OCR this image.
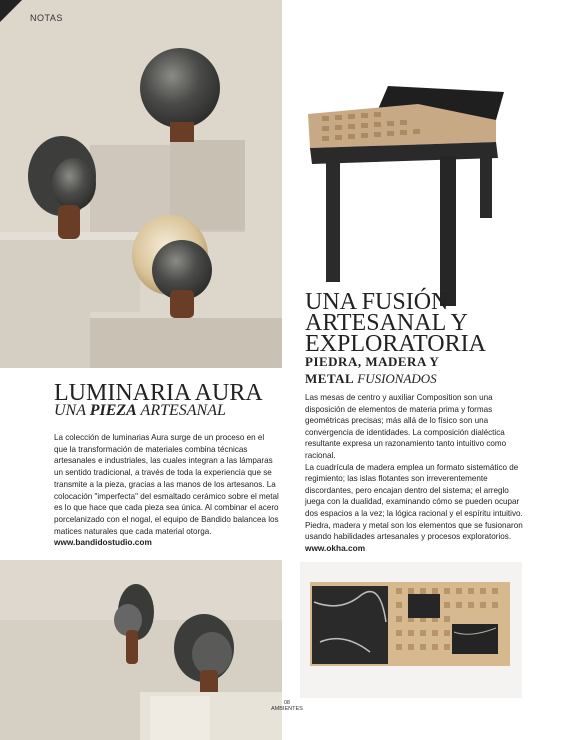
NOTAS
UNA FUSIÓN
ARTESANAL Y
EXPLORATORIA
PIEDRA, MADERA Y
METAL FUSIONADOS

Las mesas de centro y auxiliar Composition son una disposición de elementos de materia prima y formas geométricas precisas; más allá de lo físico son una convergencia de identidades. La composición dialéctica resultante expresa un razonamiento tanto intuitivo como racional.

La cuadrícula de madera emplea un formato sistemático de regimiento; las islas flotantes son irreverentemente discordantes, pero encajan dentro del sistema; el arreglo juega con la dualidad, examinando cómo se pueden ocupar dos espacios a la vez; la lógica racional y el espíritu intuitivo. Piedra, madera y metal son los elementos que se fusionaron usando habilidades artesanales y procesos exploratorios.

www.okha.com

LUMINARIA AURA
UNA PIEZA ARTESANAL

La colección de luminarias Aura surge de un proceso en el que la transformación de materiales combina técnicas artesanales e industriales, las cuales integran a las lámparas un sentido tradicional, a través de toda la experiencia que se transmite a la pieza, gracias a las manos de los artesanos. La colocación "imperfecta" del esmaltado cerámico sobre el metal es lo que hace que cada pieza sea única. Al combinar el acero porcelanizado con el nogal, el equipo de Bandido balancea los matices naturales que cada material otorga.

www.bandidostudio.com

08
AMBIENTES
